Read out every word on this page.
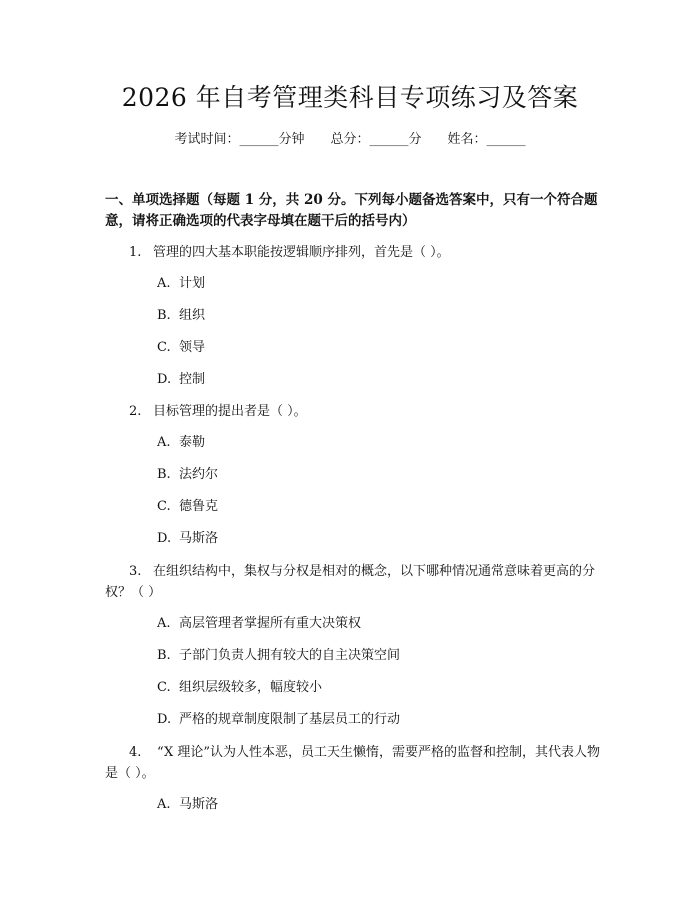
2026 年自考管理类科目专项练习及答案
考试时间：______分钟 总分：______分 姓名：______
一、单项选择题（每题 1 分，共 20 分。下列每小题备选答案中，只有一个符合题意，请将正确选项的代表字母填在题干后的括号内）
1. 管理的四大基本职能按逻辑顺序排列，首先是（ ）。
A. 计划
B. 组织
C. 领导
D. 控制
2. 目标管理的提出者是（ ）。
A. 泰勒
B. 法约尔
C. 德鲁克
D. 马斯洛
3. 在组织结构中，集权与分权是相对的概念，以下哪种情况通常意味着更高的分权？（ ）
A. 高层管理者掌握所有重大决策权
B. 子部门负责人拥有较大的自主决策空间
C. 组织层级较多，幅度较小
D. 严格的规章制度限制了基层员工的行动
4. “X 理论”认为人性本恶，员工天生懒惰，需要严格的监督和控制，其代表人物是（ ）。
A. 马斯洛
